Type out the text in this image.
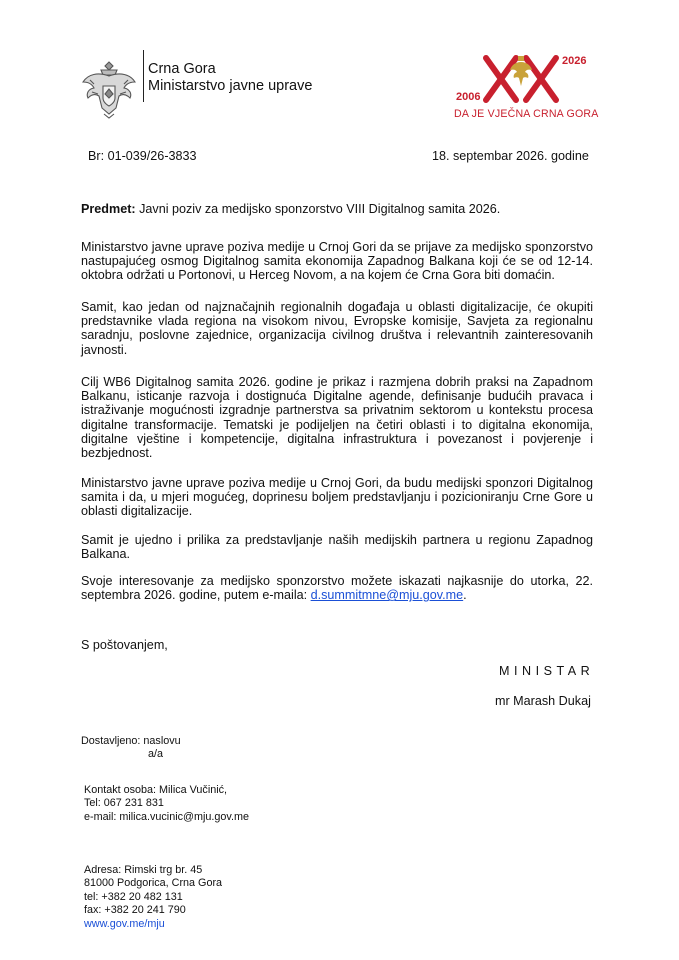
Crna Gora
Ministarstvo javne uprave
2026
2006
DA JE VJEČNA CRNA GORA
Br: 01-039/26-3833	18. septembar 2026. godine
Predmet: Javni poziv za medijsko sponzorstvo VIII Digitalnog samita 2026.
Ministarstvo javne uprave poziva medije u Crnoj Gori da se prijave za medijsko sponzorstvo nastupajućeg osmog Digitalnog samita ekonomija Zapadnog Balkana koji će se od 12-14. oktobra održati u Portonovi, u Herceg Novom, a na kojem će Crna Gora biti domaćin.
Samit, kao jedan od najznačajnih regionalnih događaja u oblasti digitalizacije, će okupiti predstavnike vlada regiona na visokom nivou, Evropske komisije, Savjeta za regionalnu saradnju, poslovne zajednice, organizacija civilnog društva i relevantnih zainteresovanih javnosti.
Cilj WB6 Digitalnog samita 2026. godine je prikaz i razmjena dobrih praksi na Zapadnom Balkanu, isticanje razvoja i dostignuća Digitalne agende, definisanje budućih pravaca i istraživanje mogućnosti izgradnje partnerstva sa privatnim sektorom u kontekstu procesa digitalne transformacije. Tematski je podijeljen na četiri oblasti i to digitalna ekonomija, digitalne vještine i kompetencije, digitalna infrastruktura i povezanost i povjerenje i bezbjednost.
Ministarstvo javne uprave poziva medije u Crnoj Gori, da budu medijski sponzori Digitalnog samita i da, u mjeri mogućeg, doprinesu boljem predstavljanju i pozicioniranju Crne Gore u oblasti digitalizacije.
Samit je ujedno i prilika za predstavljanje naših medijskih partnera u regionu Zapadnog Balkana.
Svoje interesovanje za medijsko sponzorstvo možete iskazati najkasnije do utorka, 22. septembra 2026. godine, putem e-maila: d.summitmne@mju.gov.me.
S poštovanjem,
MINISTAR
mr Marash Dukaj
Dostavljeno: naslovu
a/a
Kontakt osoba: Milica Vučinić,
Tel: 067 231 831
e-mail: milica.vucinic@mju.gov.me
Adresa: Rimski trg br. 45
81000 Podgorica, Crna Gora
tel: +382 20 482 131
fax: +382 20 241 790
www.gov.me/mju
